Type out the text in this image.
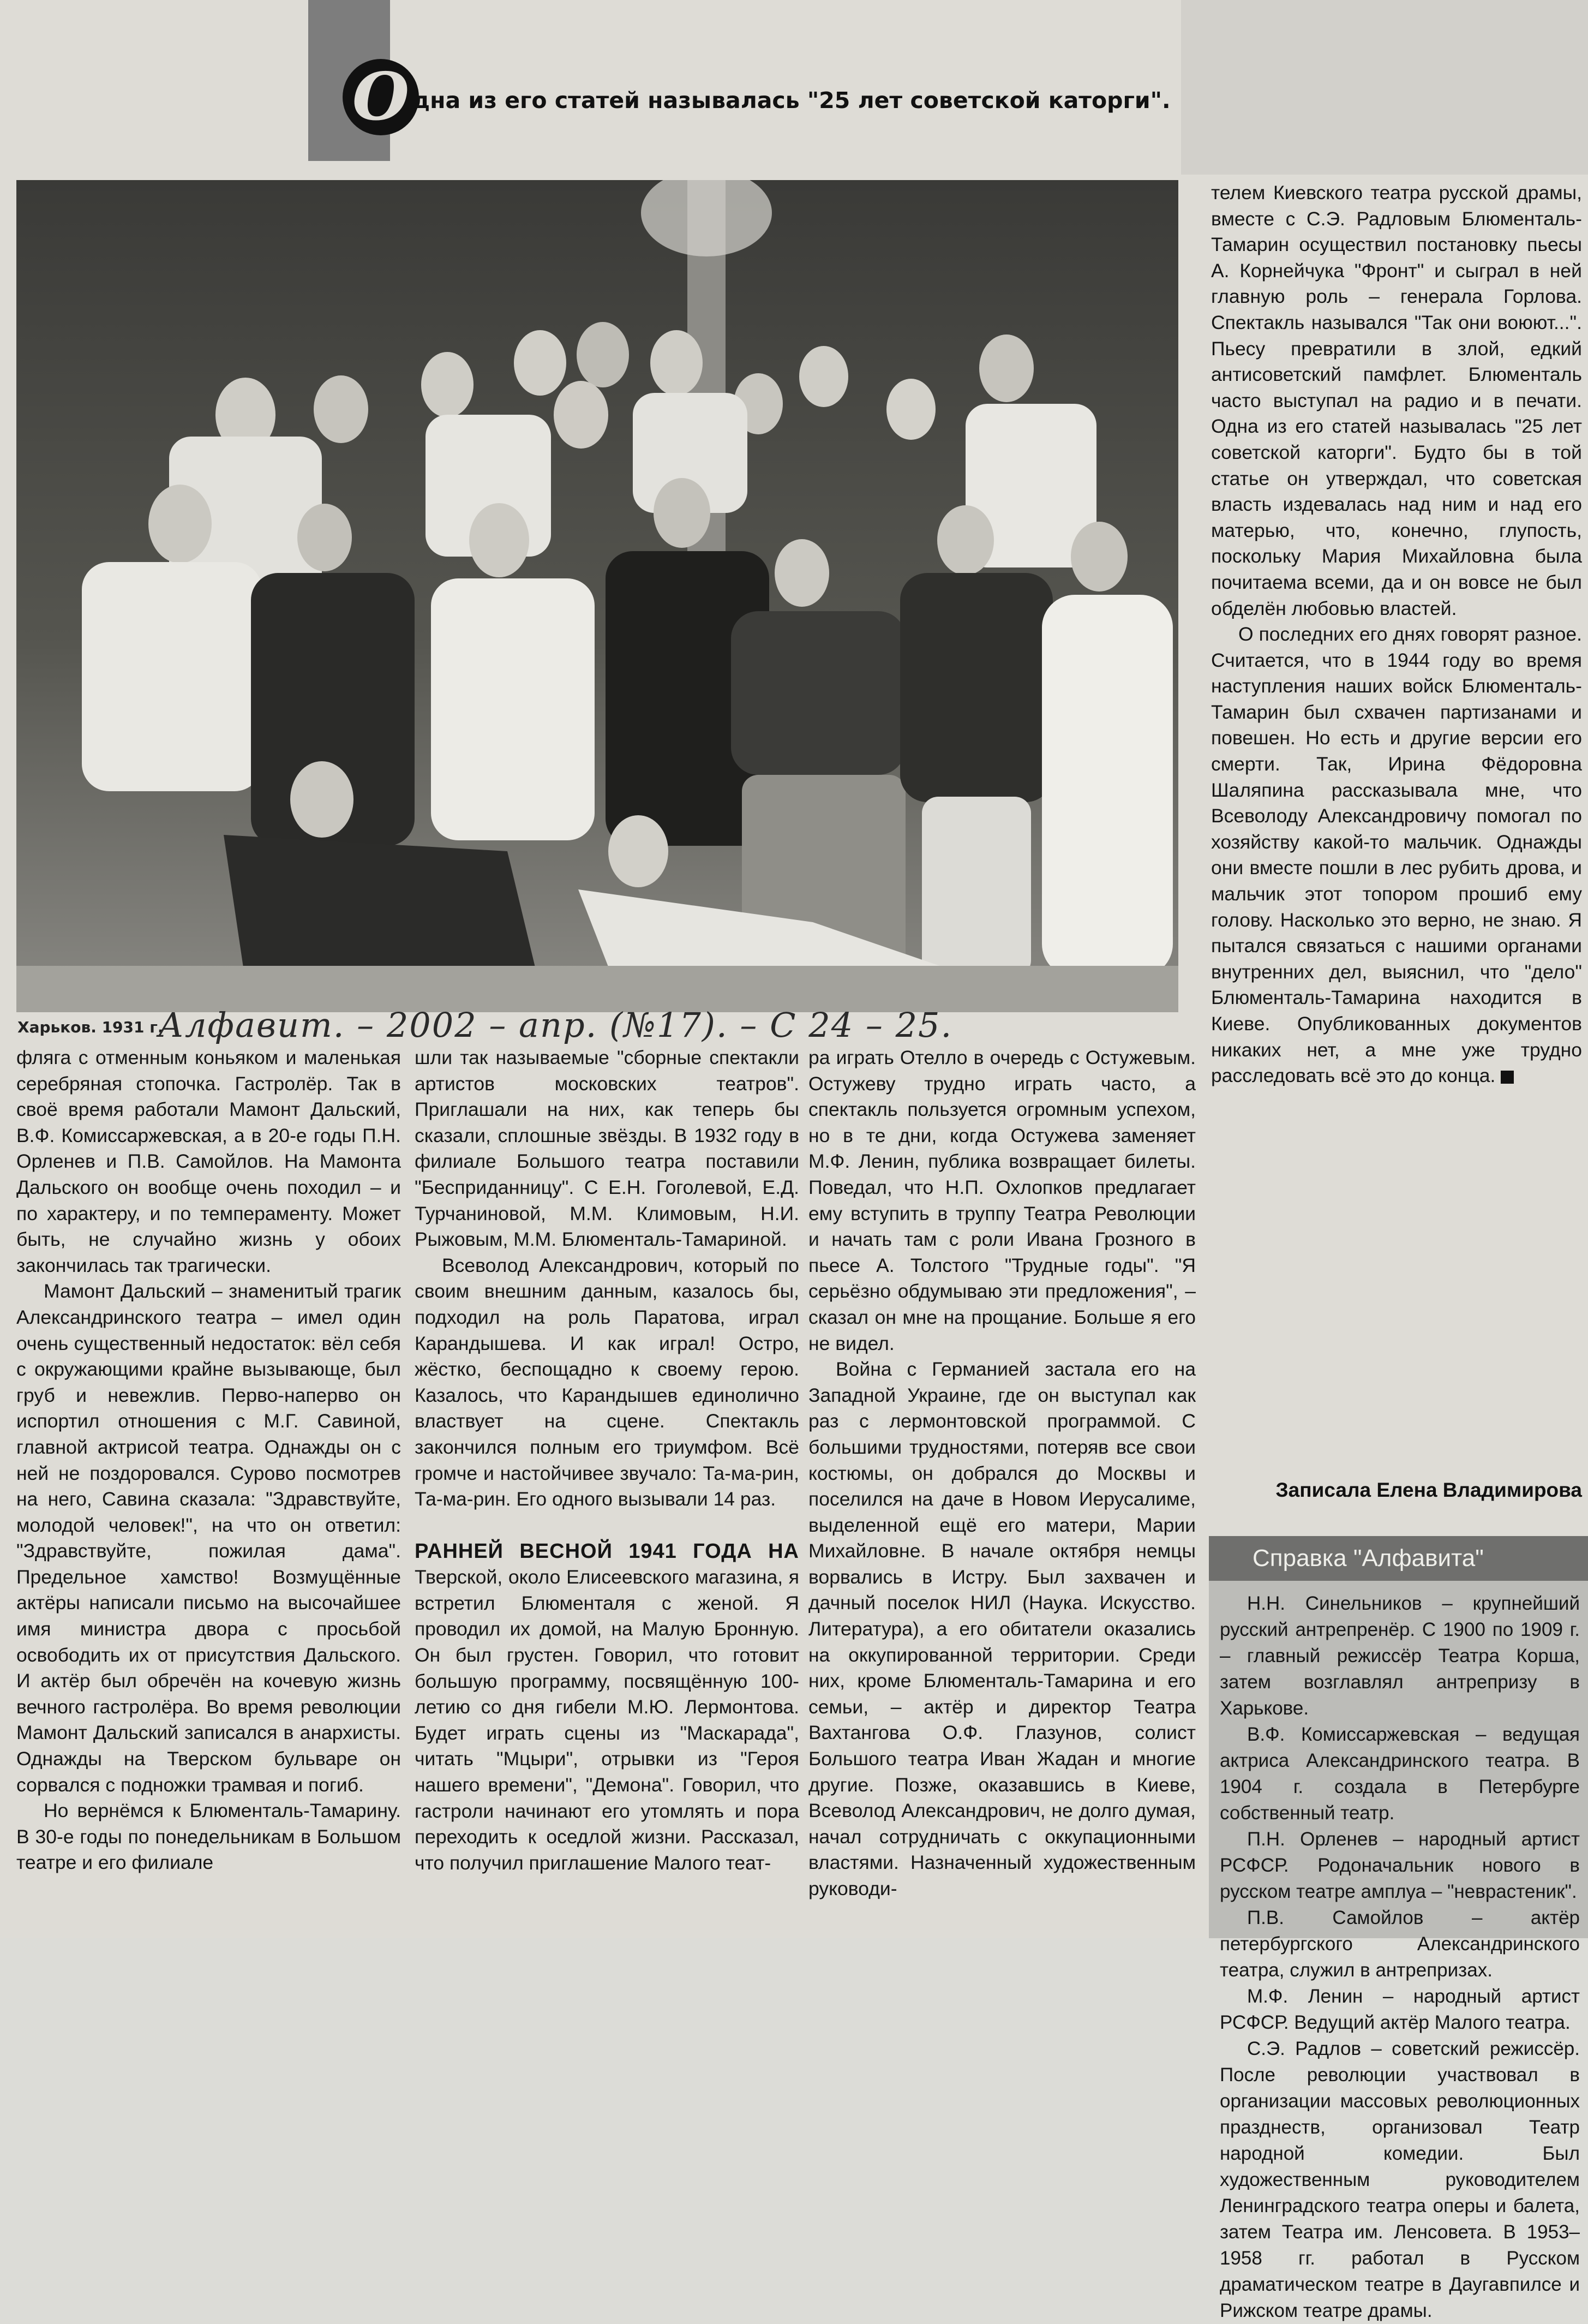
О дна из его статей называлась "25 лет советской каторги".
Харьков. 1931 г.
Алфавит. – 2002 – апр. (№17). – С 24 – 25.

фляга с отменным коньяком и маленькая серебряная стопочка. Гастролёр. Так в своё время работали Мамонт Дальский, В.Ф. Комиссаржевская, а в 20-е годы П.Н. Орленев и П.В. Самойлов. На Мамонта Дальского он вообще очень походил – и по характеру, и по темпераменту. Может быть, не случайно жизнь у обоих закончилась так трагически.

Мамонт Дальский – знаменитый трагик Александринского театра – имел один очень существенный недостаток: вёл себя с окружающими крайне вызывающе, был груб и невежлив. Перво-наперво он испортил отношения с М.Г. Савиной, главной актрисой театра. Однажды он с ней не поздоровался. Сурово посмотрев на него, Савина сказала: "Здравствуйте, молодой человек!", на что он ответил: "Здравствуйте, пожилая дама". Предельное хамство! Возмущённые актёры написали письмо на высочайшее имя министра двора с просьбой освободить их от присутствия Дальского. И актёр был обречён на кочевую жизнь вечного гастролёра. Во время революции Мамонт Дальский записался в анархисты. Однажды на Тверском бульваре он сорвался с подножки трамвая и погиб.

Но вернёмся к Блюменталь-Тамарину. В 30-е годы по понедельникам в Большом театре и его филиале

шли так называемые "сборные спектакли артистов московских театров". Приглашали на них, как теперь бы сказали, сплошные звёзды. В 1932 году в филиале Большого театра поставили "Бесприданницу". С Е.Н. Гоголевой, Е.Д. Турчаниновой, М.М. Климовым, Н.И. Рыжовым, М.М. Блюменталь-Тамариной.

Всеволод Александрович, который по своим внешним данным, казалось бы, подходил на роль Паратова, играл Карандышева. И как играл! Остро, жёстко, беспощадно к своему герою. Казалось, что Карандышев единолично властвует на сцене. Спектакль закончился полным его триумфом. Всё громче и настойчивее звучало: Та-ма-рин, Та-ма-рин. Его одного вызывали 14 раз.

РАННЕЙ ВЕСНОЙ 1941 ГОДА НА Тверской, около Елисеевского магазина, я встретил Блюменталя с женой. Я проводил их домой, на Малую Бронную. Он был грустен. Говорил, что готовит большую программу, посвящённую 100-летию со дня гибели М.Ю. Лермонтова. Будет играть сцены из "Маскарада", читать "Мцыри", отрывки из "Героя нашего времени", "Демона". Говорил, что гастроли начинают его утомлять и пора переходить к оседлой жизни. Рассказал, что получил приглашение Малого теат-

ра играть Отелло в очередь с Остужевым. Остужеву трудно играть часто, а спектакль пользуется огромным успехом, но в те дни, когда Остужева заменяет М.Ф. Ленин, публика возвращает билеты. Поведал, что Н.П. Охлопков предлагает ему вступить в труппу Театра Революции и начать там с роли Ивана Грозного в пьесе А. Толстого "Трудные годы". "Я серьёзно обдумываю эти предложения", – сказал он мне на прощание. Больше я его не видел.

Война с Германией застала его на Западной Украине, где он выступал как раз с лермонтовской программой. С большими трудностями, потеряв все свои костюмы, он добрался до Москвы и поселился на даче в Новом Иерусалиме, выделенной ещё его матери, Марии Михайловне. В начале октября немцы ворвались в Истру. Был захвачен и дачный поселок НИЛ (Наука. Искусство. Литература), а его обитатели оказались на оккупированной территории. Среди них, кроме Блюменталь-Тамарина и его семьи, – актёр и директор Театра Вахтангова О.Ф. Глазунов, солист Большого театра Иван Жадан и многие другие. Позже, оказавшись в Киеве, Всеволод Александрович, не долго думая, начал сотрудничать с оккупационными властями. Назначенный художественным руководи-

телем Киевского театра русской драмы, вместе с С.Э. Радловым Блюменталь-Тамарин осуществил постановку пьесы А. Корнейчука "Фронт" и сыграл в ней главную роль – генерала Горлова. Спектакль назывался "Так они воюют...". Пьесу превратили в злой, едкий антисоветский памфлет. Блюменталь часто выступал на радио и в печати. Одна из его статей называлась "25 лет советской каторги". Будто бы в той статье он утверждал, что советская власть издевалась над ним и над его матерью, что, конечно, глупость, поскольку Мария Михайловна была почитаема всеми, да и он вовсе не был обделён любовью властей.

О последних его днях говорят разное. Считается, что в 1944 году во время наступления наших войск Блюменталь-Тамарин был схвачен партизанами и повешен. Но есть и другие версии его смерти. Так, Ирина Фёдоровна Шаляпина рассказывала мне, что Всеволоду Александровичу помогал по хозяйству какой-то мальчик. Однажды они вместе пошли в лес рубить дрова, и мальчик этот топором прошиб ему голову. Насколько это верно, не знаю. Я пытался связаться с нашими органами внутренних дел, выяснил, что "дело" Блюменталь-Тамарина находится в Киеве. Опубликованных документов никаких нет, а мне уже трудно расследовать всё это до конца.

Записала Елена Владимирова
Справка "Алфавита"

Н.Н. Синельников – крупнейший русский антрепренёр. С 1900 по 1909 г. – главный режиссёр Театра Корша, затем возглавлял антрепризу в Харькове.

В.Ф. Комиссаржевская – ведущая актриса Александринского театра. В 1904 г. создала в Петербурге собственный театр.

П.Н. Орленев – народный артист РСФСР. Родоначальник нового в русском театре амплуа – "неврастеник".

П.В. Самойлов – актёр петербургского Александринского театра, служил в антрепризах.

М.Ф. Ленин – народный артист РСФСР. Ведущий актёр Малого театра.

С.Э. Радлов – советский режиссёр. После революции участвовал в организации массовых революционных празднеств, организовал Театр народной комедии. Был художественным руководителем Ленинградского театра оперы и балета, затем Театра им. Ленсовета. В 1953–1958 гг. работал в Русском драматическом театре в Даугавпилсе и Рижском театре драмы.
